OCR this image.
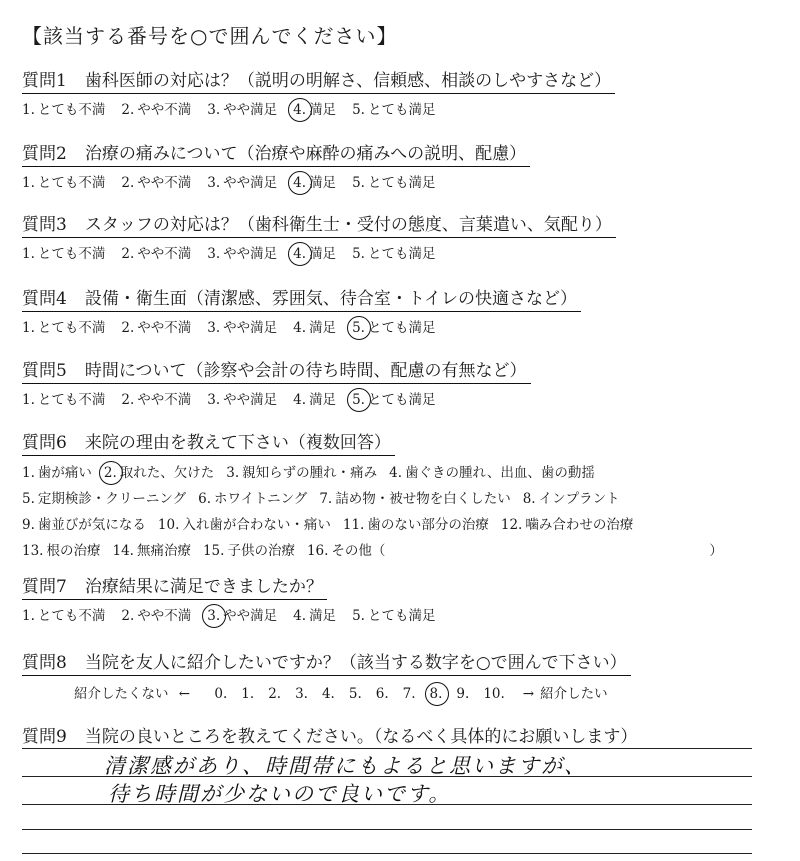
【該当する番号を○で囲んでください】
質問1 歯科医師の対応は？（説明の明解さ、信頼感、相談のしやすさなど）
1. とても不満 2. やや不満 3. やや満足 4. 満足 5. とても満足
質問2 治療の痛みについて（治療や麻酔の痛みへの説明、配慮）
1. とても不満 2. やや不満 3. やや満足 4. 満足 5. とても満足
質問3 スタッフの対応は？（歯科衛生士・受付の態度、言葉遣い、気配り）
1. とても不満 2. やや不満 3. やや満足 4. 満足 5. とても満足
質問4 設備・衛生面（清潔感、雰囲気、待合室・トイレの快適さなど）
1. とても不満 2. やや不満 3. やや満足 4. 満足 5. とても満足
質問5 時間について（診察や会計の待ち時間、配慮の有無など）
1. とても不満 2. やや不満 3. やや満足 4. 満足 5. とても満足
質問6 来院の理由を教えて下さい（複数回答）
1. 歯が痛い 2. 取れた、欠けた 3. 親知らずの腫れ・痛み 4. 歯ぐきの腫れ、出血、歯の動揺
5. 定期検診・クリーニング 6. ホワイトニング 7. 詰め物・被せ物を白くしたい 8. インプラント
9. 歯並びが気になる 10. 入れ歯が合わない・痛い 11. 歯のない部分の治療 12. 噛み合わせの治療
13. 根の治療 14. 無痛治療 15. 子供の治療 16. その他（　　　　　　　　　　　　　　　　　　　　　　　　）
質問7 治療結果に満足できましたか？
1. とても不満 2. やや不満 3. やや満足 4. 満足 5. とても満足
質問8 当院を友人に紹介したいですか？（該当する数字を○で囲んで下さい）
紹介したくない ← 0. 1. 2. 3. 4. 5. 6. 7. 8. 9. 10. → 紹介したい
質問9 当院の良いところを教えてください。（なるべく具体的にお願いします）
清潔感があり、時間帯にもよると思いますが、
待ち時間が少ないので良いです。
